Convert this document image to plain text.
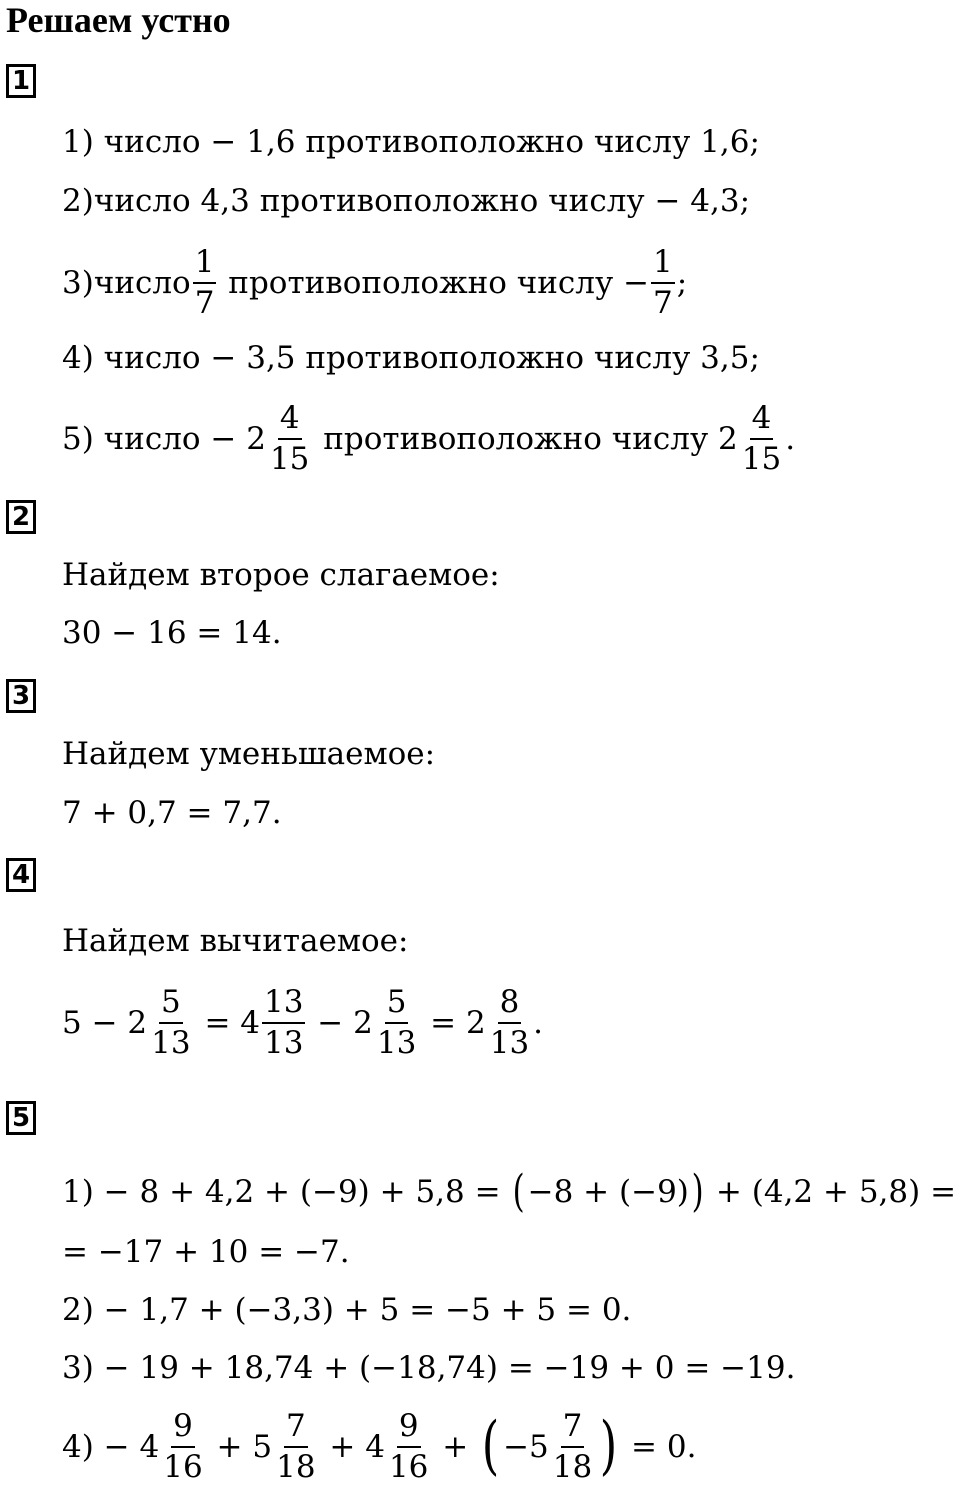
Решаем устно
1
1) число − 1,6 противоположно числу 1,6;
2)число 4,3 противоположно числу − 4,3;
3)число $\frac{1}{7}$ противоположно числу − $\frac{1}{7}$ ;
4) число − 3,5 противоположно числу 3,5;
5) число − $2 \frac{4}{15}$ противоположно числу $2 \frac{4}{15}$ .
2
Найдем второе слагаемое:
30 − 16 = 14.
3
Найдем уменьшаемое:
7 + 0,7 = 7,7.
4
Найдем вычитаемое:
$5 - 2 \frac{5}{13} = 4 \frac{13}{13} - 2 \frac{5}{13} = 2 \frac{8}{13}$ .
5
1) − 8 + 4,2 + (−9) + 5,8 = ( −8 + (−9) ) + (4,2 + 5,8) =
= −17 + 10 = −7.
2) − 1,7 + (−3,3) + 5 = −5 + 5 = 0.
3) − 19 + 18,74 + (−18,74) = −19 + 0 = −19.
$4) - 4 \frac{9}{16} + 5 \frac{7}{18} + 4 \frac{9}{16}$ + ( $-5 \frac{7}{18}$ ) = 0.
